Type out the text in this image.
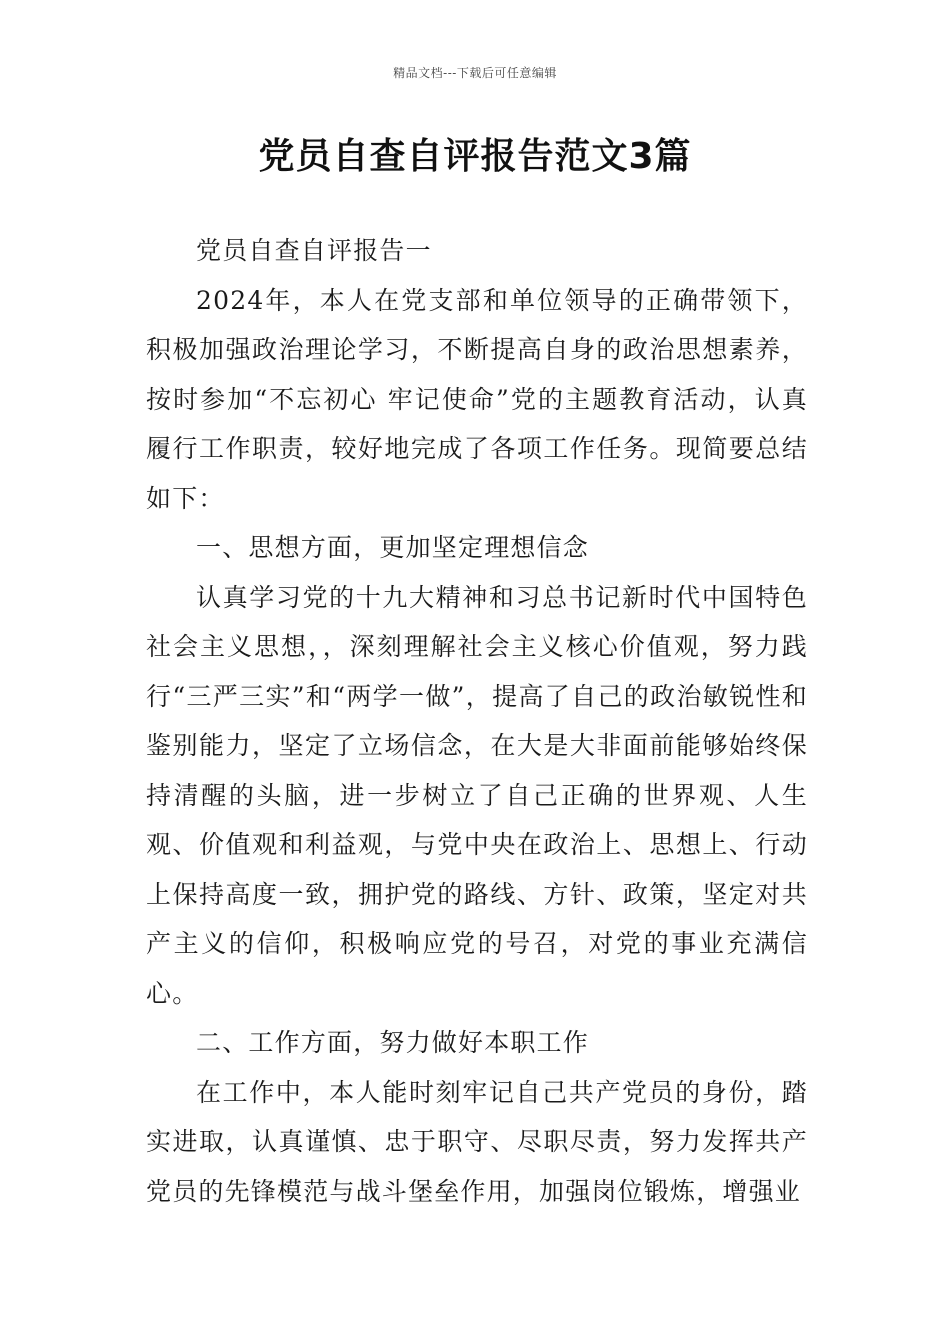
精品文档---下载后可任意编辑
党员自查自评报告范文3篇

党员自查自评报告一

2024年，本人在党支部和单位领导的正确带领下，积极加强政治理论学习，不断提高自身的政治思想素养，按时参加“不忘初心 牢记使命”党的主题教育活动，认真履行工作职责，较好地完成了各项工作任务。现简要总结如下：

一、思想方面，更加坚定理想信念

认真学习党的十九大精神和习总书记新时代中国特色社会主义思想，，深刻理解社会主义核心价值观，努力践行“三严三实”和“两学一做”，提高了自己的政治敏锐性和鉴别能力，坚定了立场信念，在大是大非面前能够始终保持清醒的头脑，进一步树立了自己正确的世界观、人生观、价值观和利益观，与党中央在政治上、思想上、行动上保持高度一致，拥护党的路线、方针、政策，坚定对共产主义的信仰，积极响应党的号召，对党的事业充满信心。

二、工作方面，努力做好本职工作

在工作中，本人能时刻牢记自己共产党员的身份，踏实进取，认真谨慎、忠于职守、尽职尽责，努力发挥共产党员的先锋模范与战斗堡垒作用，加强岗位锻炼，增强业
